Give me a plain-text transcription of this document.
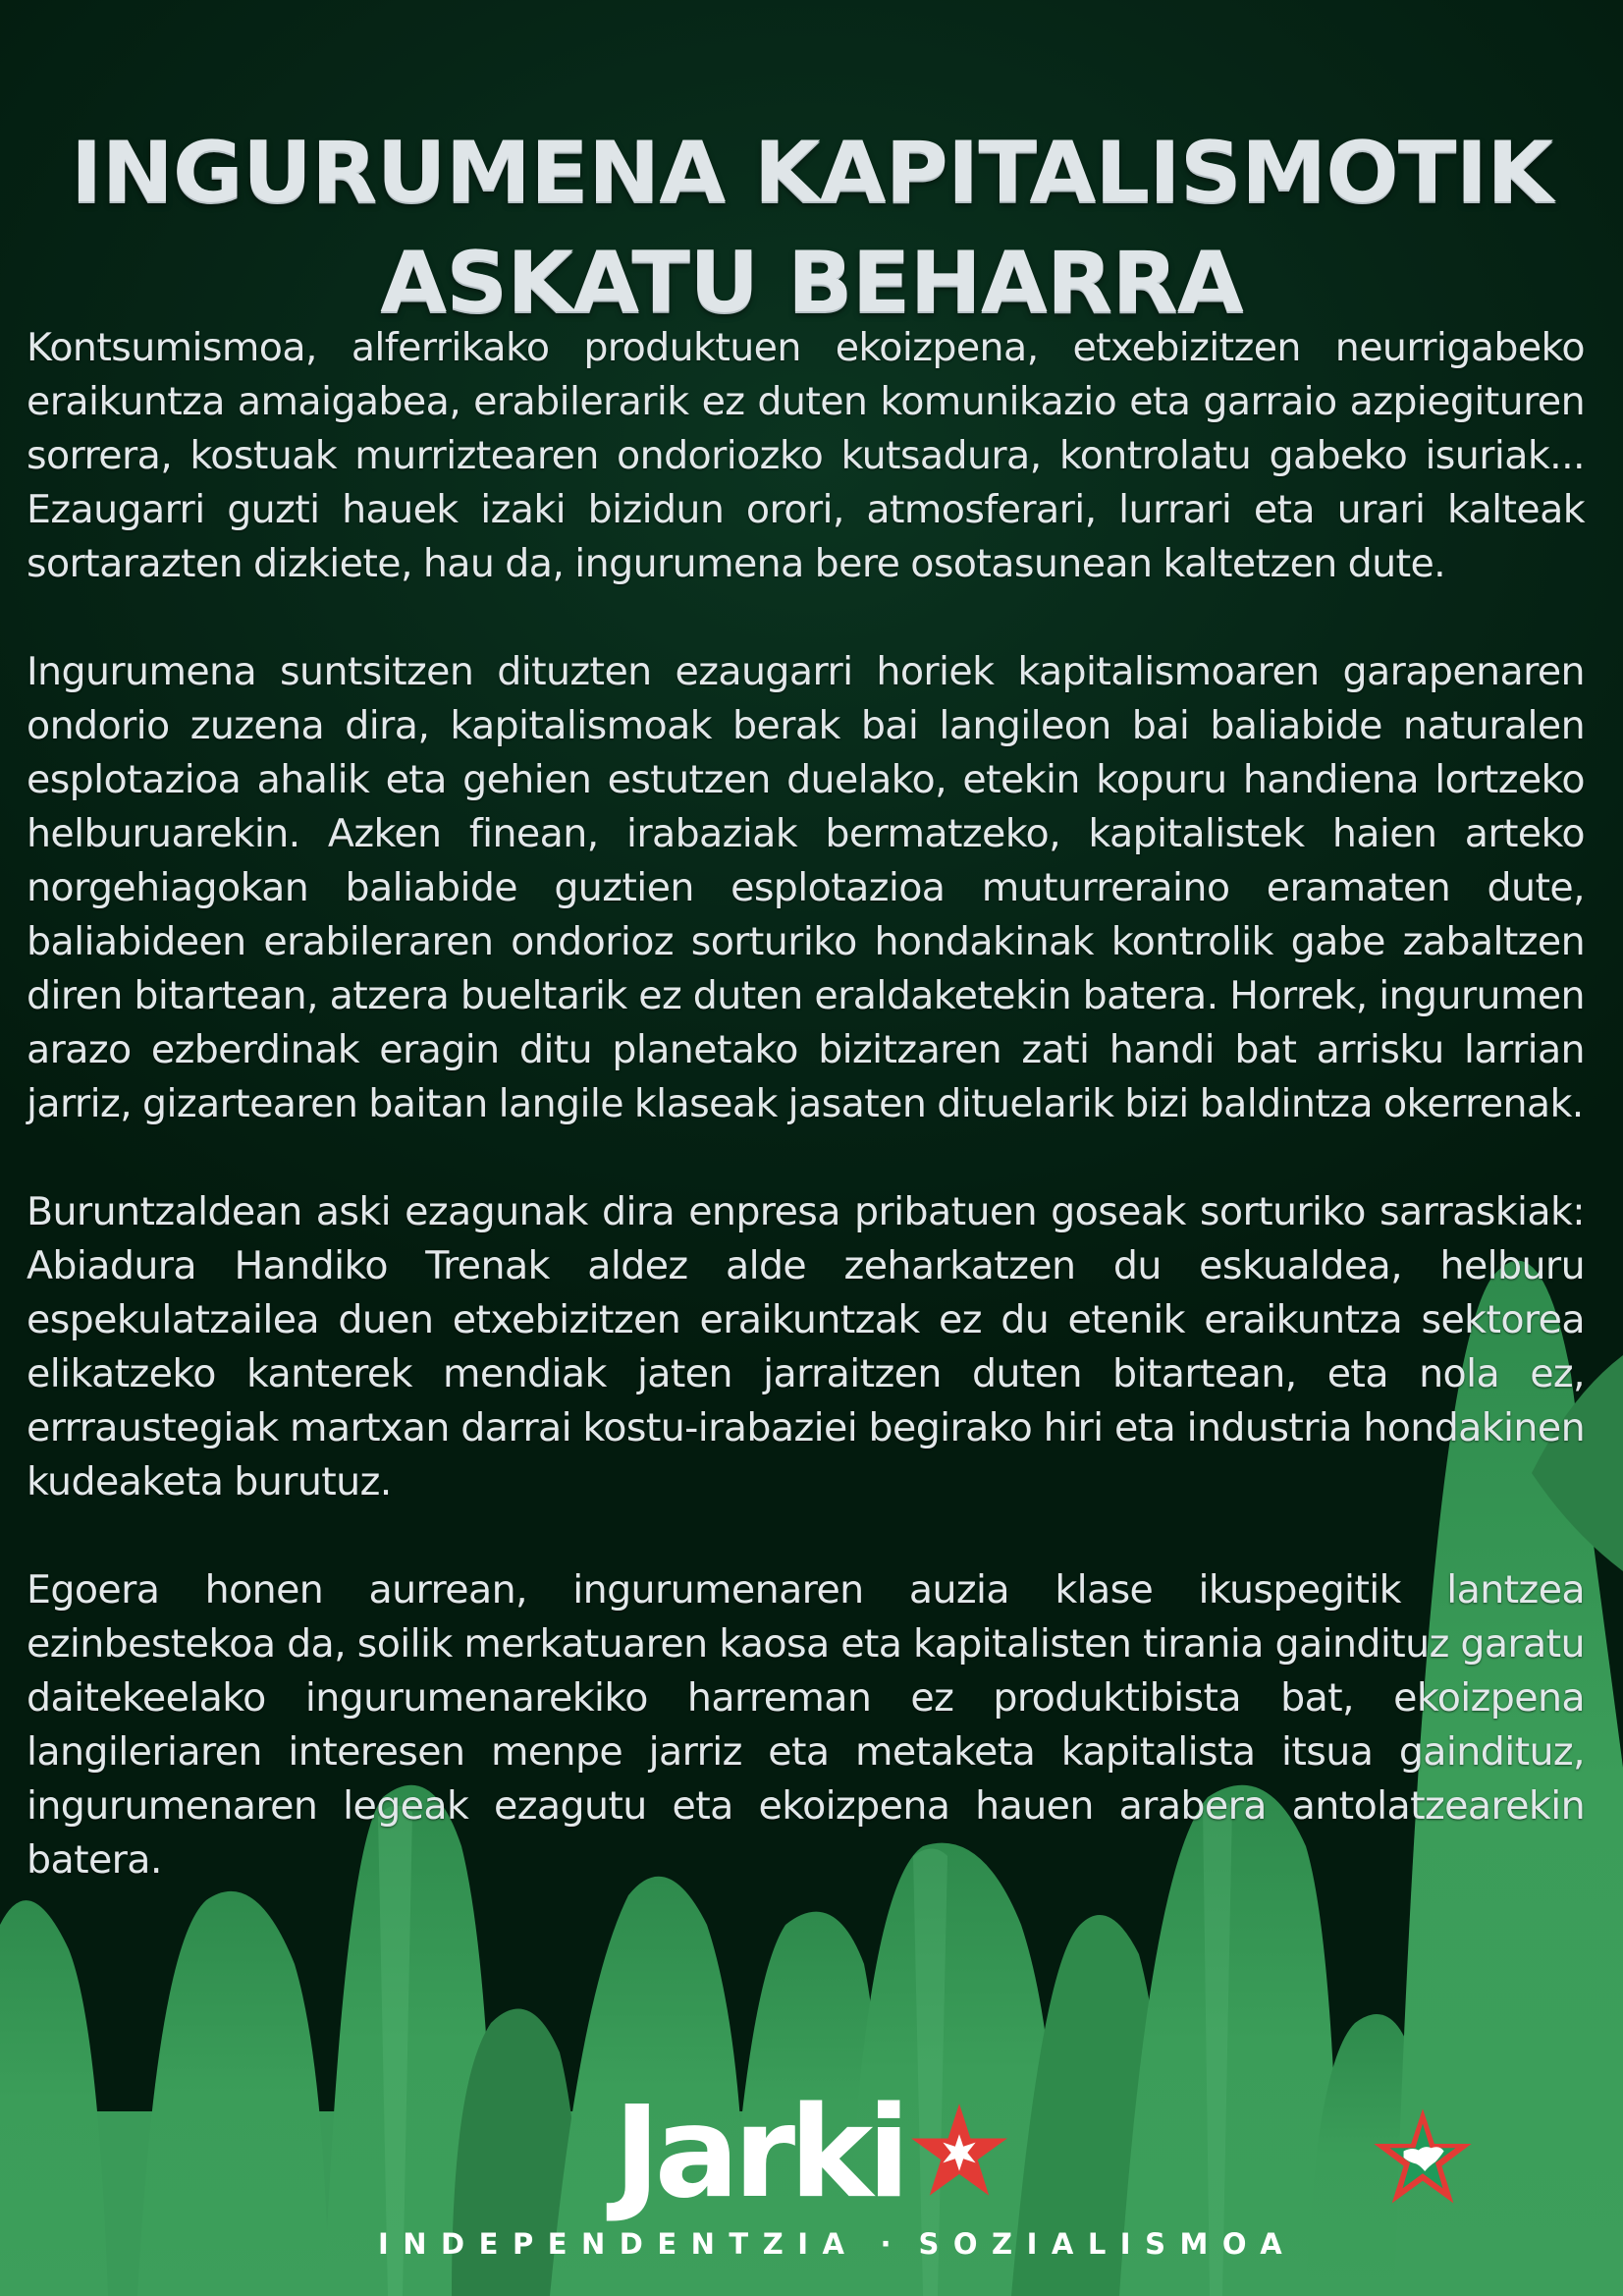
INGURUMENA KAPITALISMOTIK
ASKATU BEHARRA

Kontsumismoa, alferrikako produktuen ekoizpena, etxebizitzen neurrigabeko eraikuntza amaigabea, erabilerarik ez duten komunikazio eta garraio azpiegituren sorrera, kostuak murriztearen ondoriozko kutsadura, kontrolatu gabeko isuriak... Ezaugarri guzti hauek izaki bizidun orori, atmosferari, lurrari eta urari kalteak sortarazten dizkiete, hau da, ingurumena bere osotasunean kaltetzen dute.

Ingurumena suntsitzen dituzten ezaugarri horiek kapitalismoaren garapenaren ondorio zuzena dira, kapitalismoak berak bai langileon bai baliabide naturalen esplotazioa ahalik eta gehien estutzen duelako, etekin kopuru handiena lortzeko helburuarekin. Azken finean, irabaziak bermatzeko, kapitalistek haien arteko norgehiagokan baliabide guztien esplotazioa muturreraino eramaten dute, baliabideen erabileraren ondorioz sorturiko hondakinak kontrolik gabe zabaltzen diren bitartean, atzera bueltarik ez duten eraldaketekin batera. Horrek, ingurumen arazo ezberdinak eragin ditu planetako bizitzaren zati handi bat arrisku larrian jarriz, gizartearen baitan langile klaseak jasaten dituelarik bizi baldintza okerrenak.

Buruntzaldean aski ezagunak dira enpresa pribatuen goseak sorturiko sarraskiak: Abiadura Handiko Trenak aldez alde zeharkatzen du eskualdea, helburu espekulatzailea duen etxebizitzen eraikuntzak ez du etenik eraikuntza sektorea elikatzeko kanterek mendiak jaten jarraitzen duten bitartean, eta nola ez, errraustegiak martxan darrai kostu-irabaziei begirako hiri eta industria hondakinen kudeaketa burutuz.

Egoera honen aurrean, ingurumenaren auzia klase ikuspegitik lantzea ezinbestekoa da, soilik merkatuaren kaosa eta kapitalisten tirania gaindituz garatu daitekeelako ingurumenarekiko harreman ez produktibista bat, ekoizpena langileriaren interesen menpe jarriz eta metaketa kapitalista itsua gaindituz, ingurumenaren legeak ezagutu eta ekoizpena hauen arabera antolatzearekin batera.

Jarki
INDEPENDENTZIA · SOZIALISMOA
